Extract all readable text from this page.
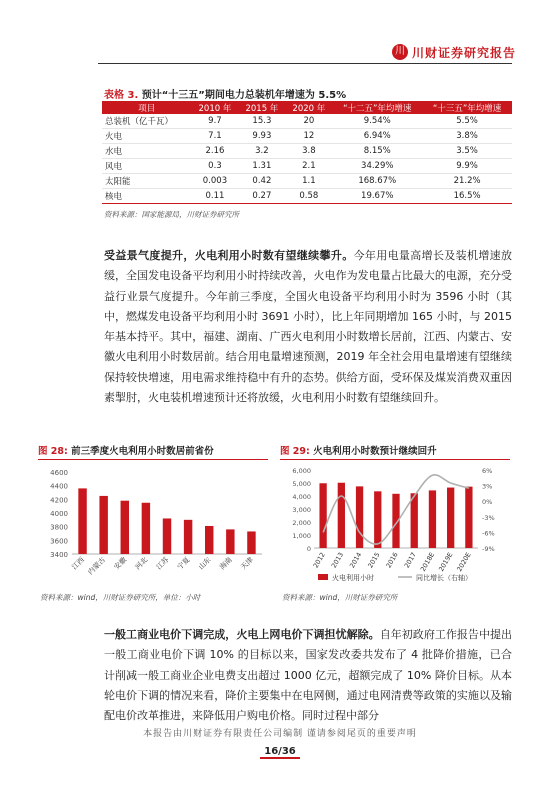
川 川财证券研究报告
表格 3. 预计“十三五”期间电力总装机年增速为 5.5%
项目	2010 年	2015 年	2020 年	“十二五”年均增速	“十三五”年均增速
总装机（亿千瓦）	9.7	15.3	20	9.54%	5.5%
火电	7.1	9.93	12	6.94%	3.8%
水电	2.16	3.2	3.8	8.15%	3.5%
风电	0.3	1.31	2.1	34.29%	9.9%
太阳能	0.003	0.42	1.1	168.67%	21.2%
核电	0.11	0.27	0.58	19.67%	16.5%
资料来源：国家能源局，川财证券研究所
受益景气度提升，火电利用小时数有望继续攀升。今年用电量高增长及装机增速放缓，全国发电设备平均利用小时持续改善，火电作为发电量占比最大的电源，充分受益行业景气度提升。今年前三季度，全国火电设备平均利用小时为 3596 小时（其中，燃煤发电设备平均利用小时 3691 小时），比上年同期增加 165 小时，与 2015 年基本持平。其中，福建、湖南、广西火电利用小时数增长居前，江西、内蒙古、安徽火电利用小时数居前。结合用电量增速预测，2019 年全社会用电量增速有望继续保持较快增速，用电需求维持稳中有升的态势。供给方面，受环保及煤炭消费双重因素掣肘，火电装机增速预计还将放缓，火电利用小时数有望继续回升。
图 28: 前三季度火电利用小时数居前省份
4600
4400
4200
4000
3800
3600
3400
江西 内蒙古 安徽 河北 江苏 宁夏 山东 海南 天津
资料来源：wind，川财证券研究所，单位：小时
图 29: 火电利用小时数预计继续回升
6,000
5,000
4,000
3,000
2,000
1,000
0
6%
3%
0%
-3%
-6%
-9%
2012 2013 2014 2015 2016 2017 2018E 2019E 2020E
火电利用小时	同比增长（右轴）
资料来源：wind，川财证券研究所
一般工商业电价下调完成，火电上网电价下调担忧解除。自年初政府工作报告中提出一般工商业电价下调 10% 的目标以来，国家发改委共发布了 4 批降价措施，已合计削减一般工商业企业电费支出超过 1000 亿元，超额完成了 10% 降价目标。从本轮电价下调的情况来看，降价主要集中在电网侧，通过电网清费等政策的实施以及输配电价改革推进，来降低用户购电价格。同时过程中部分
本报告由川财证券有限责任公司编制 谨请参阅尾页的重要声明
16/36
